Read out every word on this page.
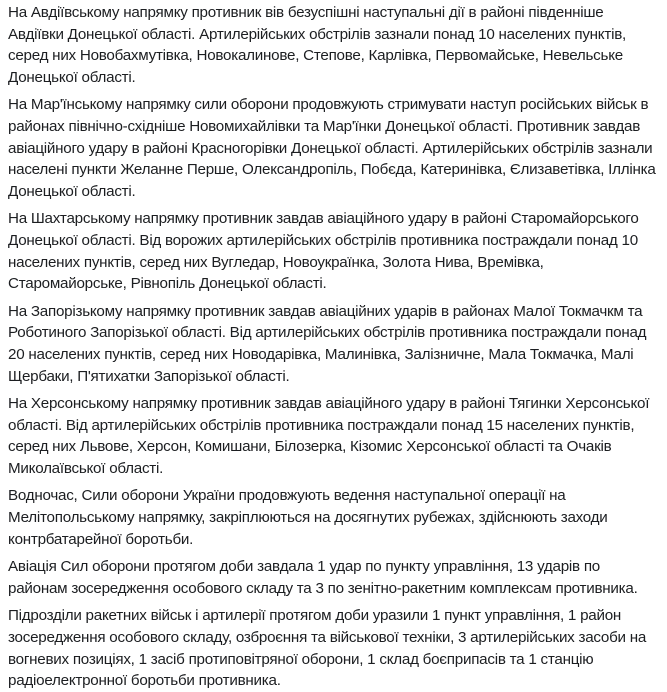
На Авдіївському напрямку противник вів безуспішні наступальні дії в районі південніше Авдіївки Донецької області. Артилерійських обстрілів зазнали понад 10 населених пунктів, серед них Новобахмутівка, Новокалинове, Степове, Карлівка, Первомайське, Невельське Донецької області.

На Мар'їнському напрямку сили оборони продовжують стримувати наступ російських військ в районах північно-східніше Новомихайлівки та Мар'їнки Донецької області. Противник завдав авіаційного удару в районі Красногорівки Донецької області. Артилерійських обстрілів зазнали населені пункти Желанне Перше, Олександропіль, Побєда, Катеринівка, Єлизаветівка, Іллінка Донецької області.

На Шахтарському напрямку противник завдав авіаційного удару в районі Старомайорського Донецької області. Від ворожих артилерійських обстрілів противника постраждали понад 10 населених пунктів, серед них Вугледар, Новоукраїнка, Золота Нива, Времівка, Старомайорське, Рівнопіль Донецької області.

На Запорізькому напрямку противник завдав авіаційних ударів в районах Малої Токмачкм та Роботиного Запорізької області. Від артилерійських обстрілів противника постраждали понад 20 населених пунктів, серед них Новодарівка, Малинівка, Залізничне, Мала Токмачка, Малі Щербаки, П'ятихатки Запорізької області.

На Херсонському напрямку противник завдав авіаційного удару в районі Тягинки Херсонської області. Від артилерійських обстрілів противника постраждали понад 15 населених пунктів, серед них Львове, Херсон, Комишани, Білозерка, Кізомис Херсонської області та Очаків Миколаївської області.

Водночас, Сили оборони України продовжують ведення наступальної операції на Мелітопольському напрямку, закріплюються на досягнутих рубежах, здійснюють заходи контрбатарейної боротьби.

Авіація Сил оборони протягом доби завдала 1 удар по пункту управління, 13 ударів по районам зосередження особового складу та 3 по зенітно-ракетним комплексам противника.

Підрозділи ракетних військ і артилерії протягом доби уразили 1 пункт управління, 1 район зосередження особового складу, озброєння та військової техніки, 3 артилерійських засоби на вогневих позиціях, 1 засіб протиповітряної оборони, 1 склад боєприпасів та 1 станцію радіоелектронної боротьби противника.
